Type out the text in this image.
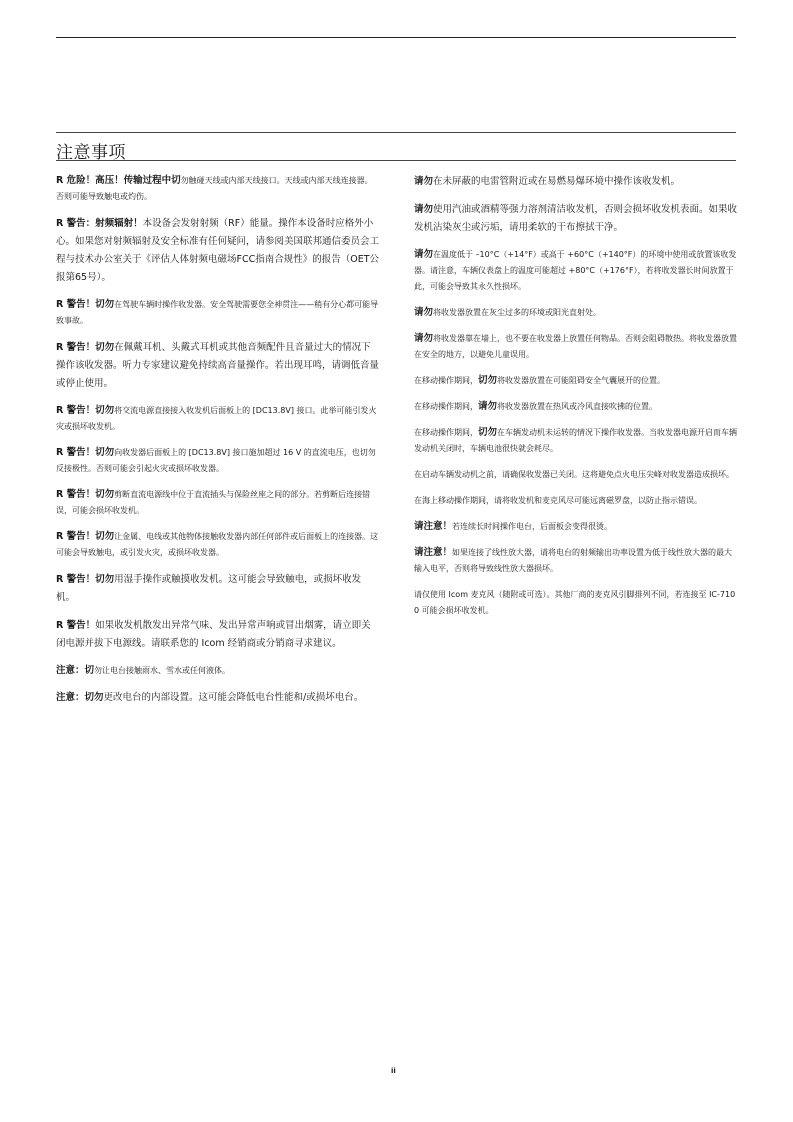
注意事项

R 危险！高压！传输过程中切勿触碰天线或内部天线接口。天线或内部天线连接器。否则可能导致触电或灼伤。

R 警告：射频辐射！本设备会发射射频（RF）能量。操作本设备时应格外小心。如果您对射频辐射及安全标准有任何疑问，请参阅美国联邦通信委员会工程与技术办公室关于《评估人体射频电磁场FCC指南合规性》的报告（OET公报第65号）。

R 警告！切勿在驾驶车辆时操作收发器。安全驾驶需要您全神贯注——稍有分心都可能导致事故。

R 警告！切勿在佩戴耳机、头戴式耳机或其他音频配件且音量过大的情况下操作该收发器。听力专家建议避免持续高音量操作。若出现耳鸣，请调低音量或停止使用。

R 警告！切勿将交流电源直接接入收发机后面板上的 [DC13.8V] 接口。此举可能引发火灾或损坏收发机。

R 警告！切勿向收发器后面板上的 [DC13.8V] 接口施加超过 16 V 的直流电压，也切勿反接极性。否则可能会引起火灾或损坏收发器。

R 警告！切勿剪断直流电源线中位于直流插头与保险丝座之间的部分。若剪断后连接错误，可能会损坏收发机。

R 警告！切勿让金属、电线或其他物体接触收发器内部任何部件或后面板上的连接器。这可能会导致触电，或引发火灾，或损坏收发器。

R 警告！切勿用湿手操作或触摸收发机。这可能会导致触电，或损坏收发机。

R 警告！如果收发机散发出异常气味、发出异常声响或冒出烟雾，请立即关闭电源并拔下电源线。请联系您的 Icom 经销商或分销商寻求建议。

注意：切勿让电台接触雨水、雪水或任何液体。

注意：切勿更改电台的内部设置。这可能会降低电台性能和/或损坏电台。

请勿在未屏蔽的电雷管附近或在易燃易爆环境中操作该收发机。

请勿使用汽油或酒精等强力溶剂清洁收发机，否则会损坏收发机表面。如果收发机沾染灰尘或污垢，请用柔软的干布擦拭干净。

请勿在温度低于 –10°C（+14°F）或高于 +60°C（+140°F）的环境中使用或放置该收发器。请注意，车辆仪表盘上的温度可能超过 +80°C（+176°F），若将收发器长时间放置于此，可能会导致其永久性损坏。

请勿将收发器放置在灰尘过多的环境或阳光直射处。

请勿将收发器靠在墙上，也不要在收发器上放置任何物品。否则会阻碍散热。将收发器放置在安全的地方，以避免儿童误用。

在移动操作期间，切勿将收发器放置在可能阻碍安全气囊展开的位置。

在移动操作期间，请勿将收发器放置在热风或冷风直接吹拂的位置。

在移动操作期间，切勿在车辆发动机未运转的情况下操作收发器。当收发器电源开启而车辆发动机关闭时，车辆电池很快就会耗尽。

在启动车辆发动机之前，请确保收发器已关闭。这将避免点火电压尖峰对收发器造成损坏。

在海上移动操作期间，请将收发机和麦克风尽可能远离磁罗盘，以防止指示错误。

请注意！若连续长时间操作电台，后面板会变得很烫。

请注意！如果连接了线性放大器，请将电台的射频输出功率设置为低于线性放大器的最大输入电平，否则将导致线性放大器损坏。

请仅使用 Icom 麦克风（随附或可选）。其他厂商的麦克风引脚排列不同，若连接至 IC-7100 可能会损坏收发机。

ii
